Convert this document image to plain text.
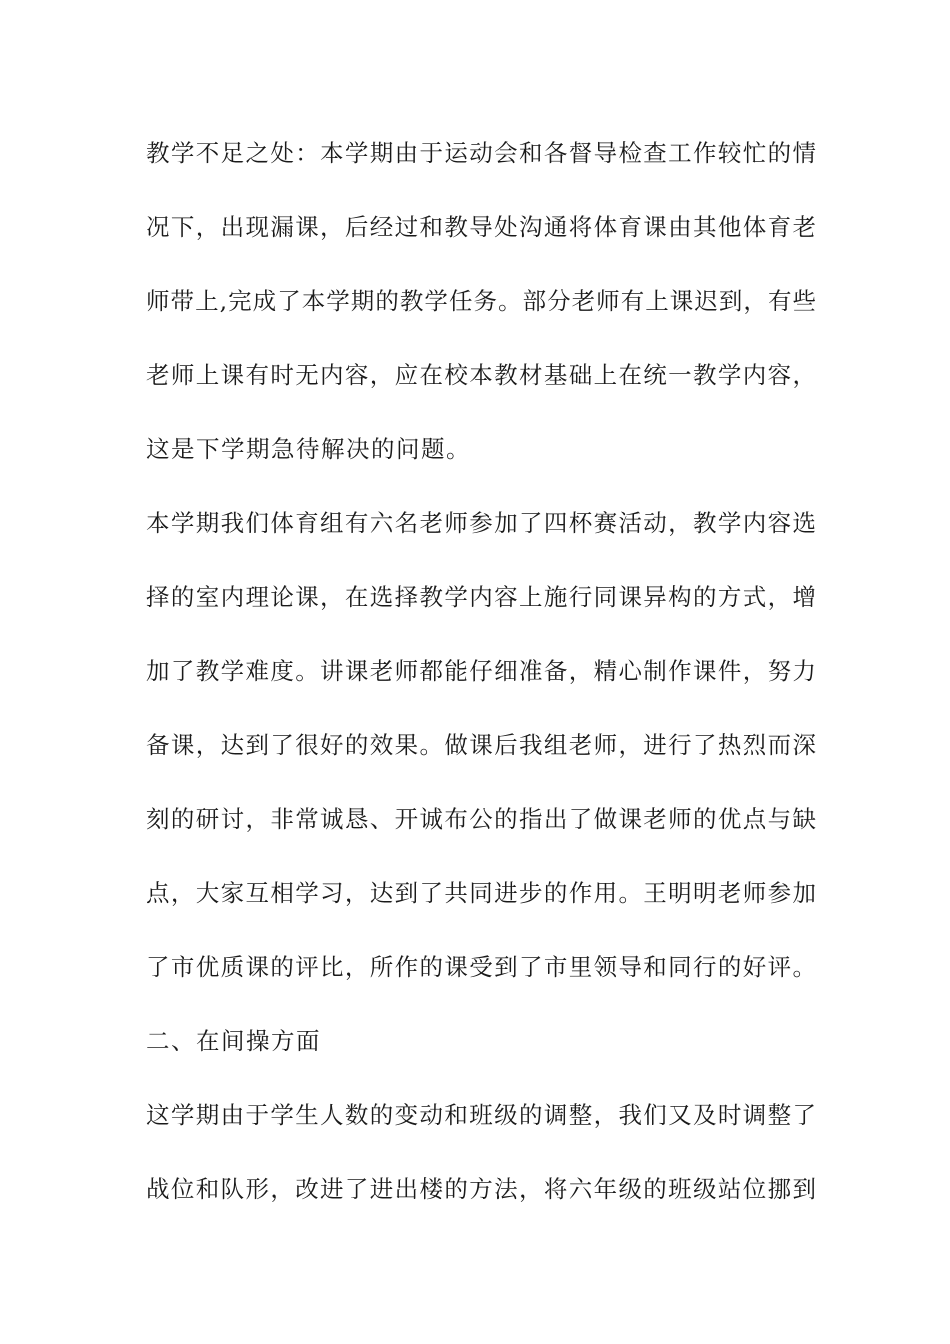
教学不足之处：本学期由于运动会和各督导检查工作较忙的情
况下，出现漏课，后经过和教导处沟通将体育课由其他体育老
师带上,完成了本学期的教学任务。部分老师有上课迟到，有些
老师上课有时无内容，应在校本教材基础上在统一教学内容，
这是下学期急待解决的问题。
本学期我们体育组有六名老师参加了四杯赛活动，教学内容选
择的室内理论课，在选择教学内容上施行同课异构的方式，增
加了教学难度。讲课老师都能仔细准备，精心制作课件，努力
备课，达到了很好的效果。做课后我组老师，进行了热烈而深
刻的研讨，非常诚恳、开诚布公的指出了做课老师的优点与缺
点，大家互相学习，达到了共同进步的作用。王明明老师参加
了市优质课的评比，所作的课受到了市里领导和同行的好评。
二、在间操方面
这学期由于学生人数的变动和班级的调整，我们又及时调整了
战位和队形，改进了进出楼的方法，将六年级的班级站位挪到
